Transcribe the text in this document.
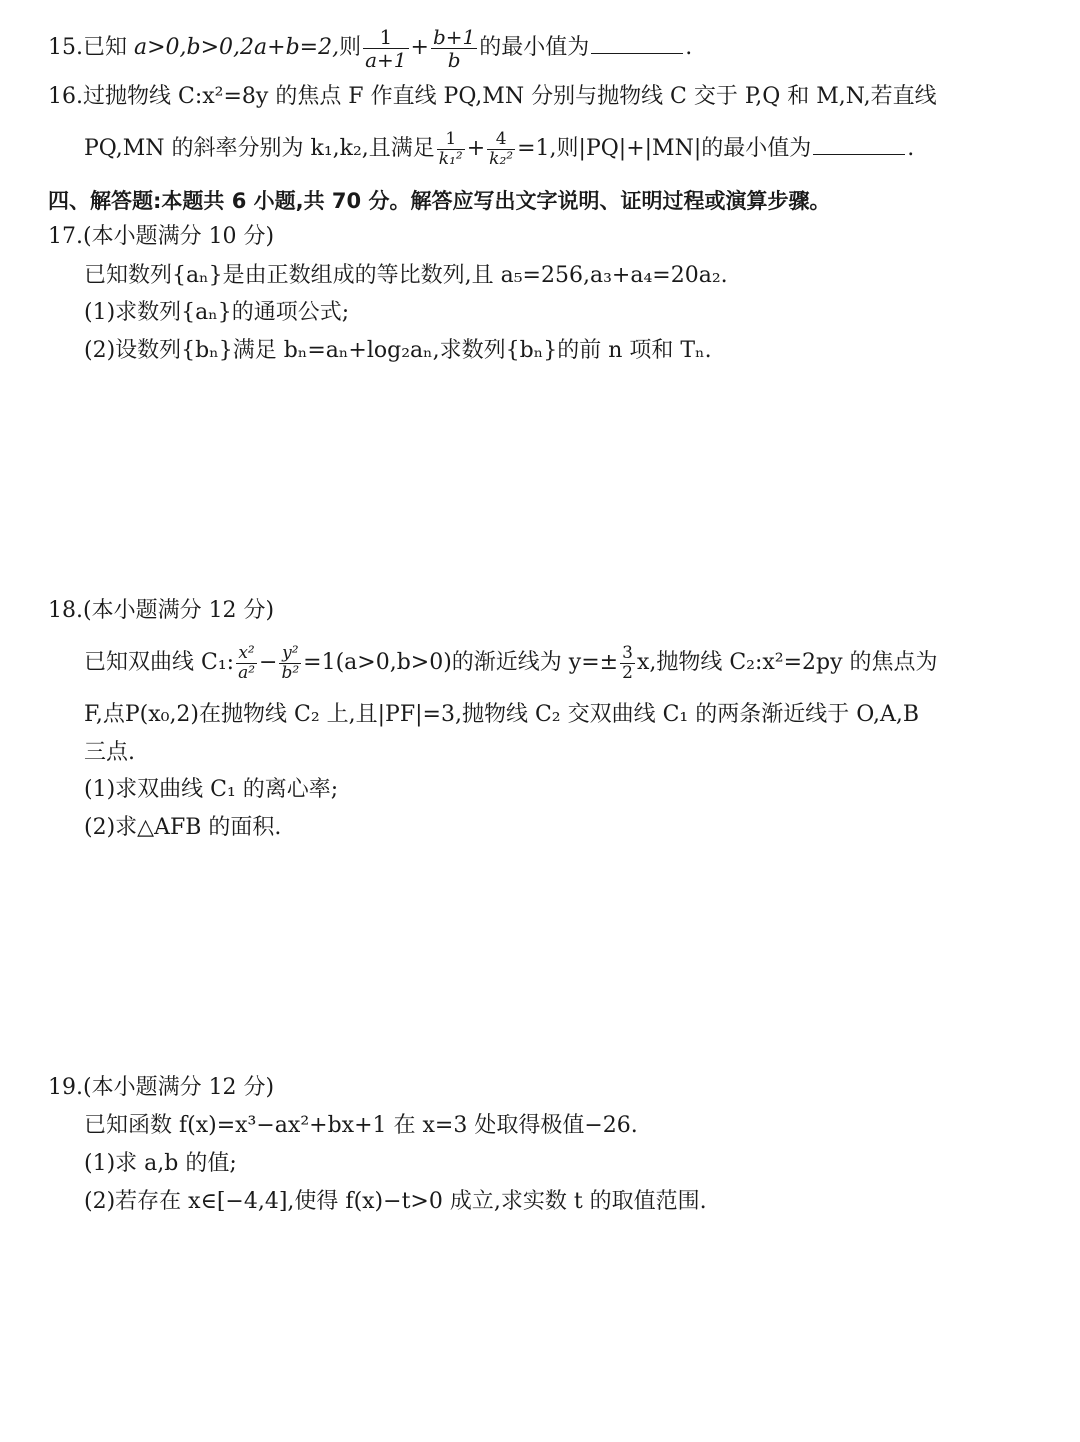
15.已知 a>0,b>0,2a+b=2,则 $\frac{1}{a+1} + \frac{b+1}{b}$ 的最小值为	.
16.过抛物线 C:x²=8y 的焦点 F 作直线 PQ,MN 分别与抛物线 C 交于 P,Q 和 M,N,若直线
PQ,MN 的斜率分别为 k₁,k₂,且满足 $\frac{1}{\text{k₁²}} + \frac{4}{\text{k₂²}} =1$,则|PQ|+|MN|的最小值为	.
四、解答题:本题共 6 小题,共 70 分。解答应写出文字说明、证明过程或演算步骤。
17.(本小题满分 10 分)
已知数列{aₙ}是由正数组成的等比数列,且 a₅=256,a₃+a₄=20a₂.
(1)求数列{aₙ}的通项公式;
(2)设数列{bₙ}满足 bₙ=aₙ+log₂aₙ,求数列{bₙ}的前 n 项和 Tₙ.
18.(本小题满分 12 分)
已知双曲线 C₁: $\frac{\text{x²}}{\text{a²}} - \frac{\text{y²}}{\text{b²}} =1(a>0,b>0)$的渐近线为 $y=\pm \frac{3}{2} x$,抛物线 C₂:x²=2py 的焦点为
F,点P(x₀,2)在抛物线 C₂ 上,且|PF|=3,抛物线 C₂ 交双曲线 C₁ 的两条渐近线于 O,A,B
三点.
(1)求双曲线 C₁ 的离心率;
(2)求△AFB 的面积.
19.(本小题满分 12 分)
已知函数 f(x)=x³−ax²+bx+1 在 x=3 处取得极值−26.
(1)求 a,b 的值;
(2)若存在 x∈[−4,4],使得 f(x)−t>0 成立,求实数 t 的取值范围.
